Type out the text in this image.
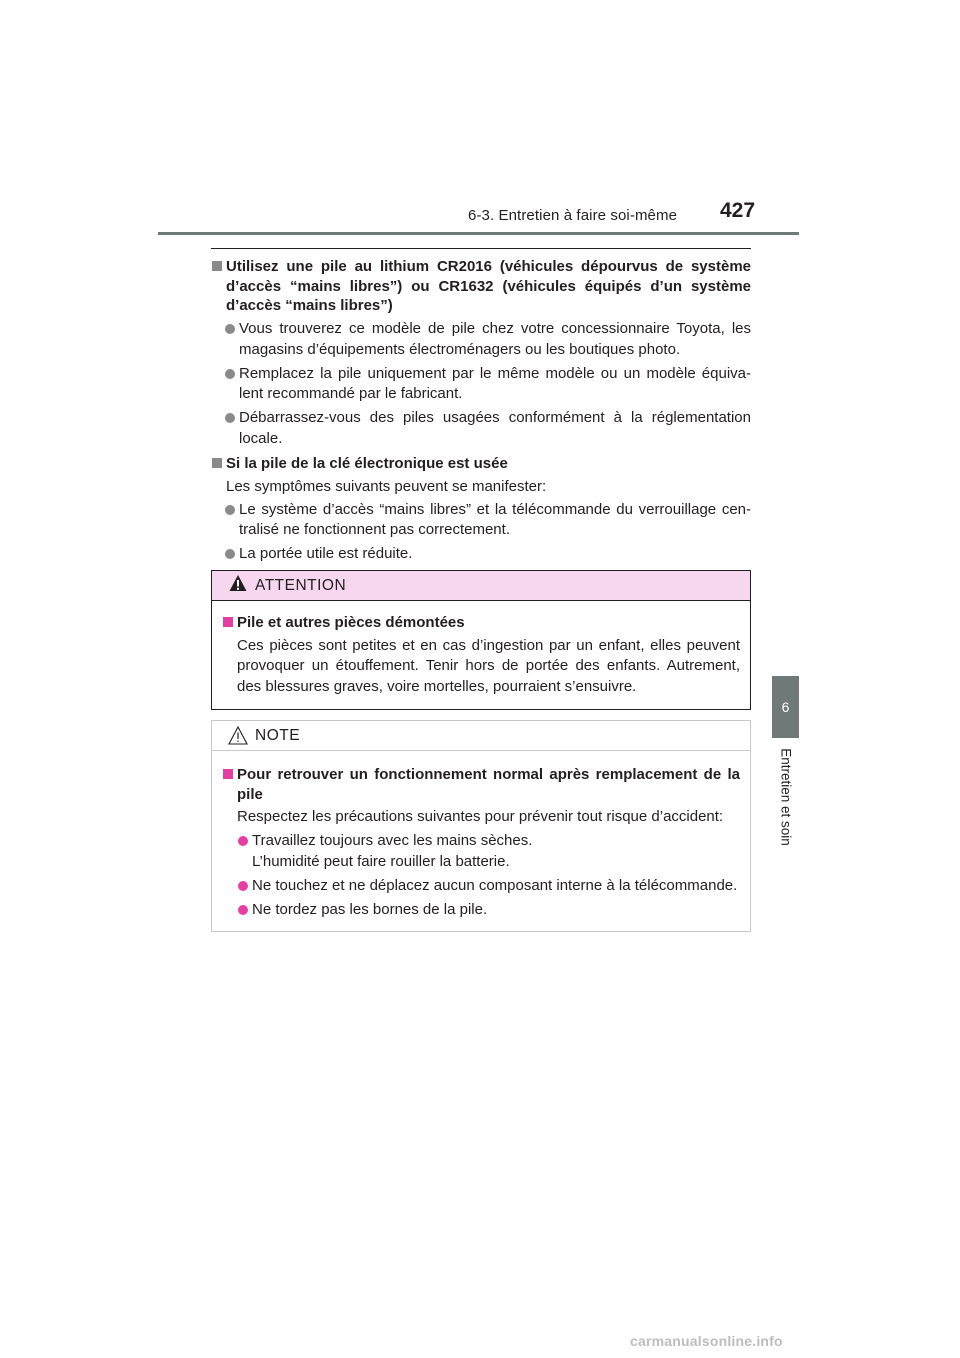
6-3. Entretien à faire soi-même 427
6
Entretien et soin
Utilisez une pile au lithium CR2016 (véhicules dépourvus de système d’accès “mains libres”) ou CR1632 (véhicules équipés d’un système d’accès “mains libres”)
Vous trouverez ce modèle de pile chez votre concessionnaire Toyota, les magasins d’équipements électroménagers ou les boutiques photo.
Remplacez la pile uniquement par le même modèle ou un modèle équiva-lent recommandé par le fabricant.
Débarrassez-vous des piles usagées conformément à la réglementation locale.
Si la pile de la clé électronique est usée
Les symptômes suivants peuvent se manifester:
Le système d’accès “mains libres” et la télécommande du verrouillage cen-tralisé ne fonctionnent pas correctement.
La portée utile est réduite.
ATTENTION
Pile et autres pièces démontées
Ces pièces sont petites et en cas d’ingestion par un enfant, elles peuvent provoquer un étouffement. Tenir hors de portée des enfants. Autrement, des blessures graves, voire mortelles, pourraient s’ensuivre.
NOTE
Pour retrouver un fonctionnement normal après remplacement de la pile
Respectez les précautions suivantes pour prévenir tout risque d’accident:
Travaillez toujours avec les mains sèches.
L’humidité peut faire rouiller la batterie.
Ne touchez et ne déplacez aucun composant interne à la télécommande.
Ne tordez pas les bornes de la pile.
carmanualsonline.info
